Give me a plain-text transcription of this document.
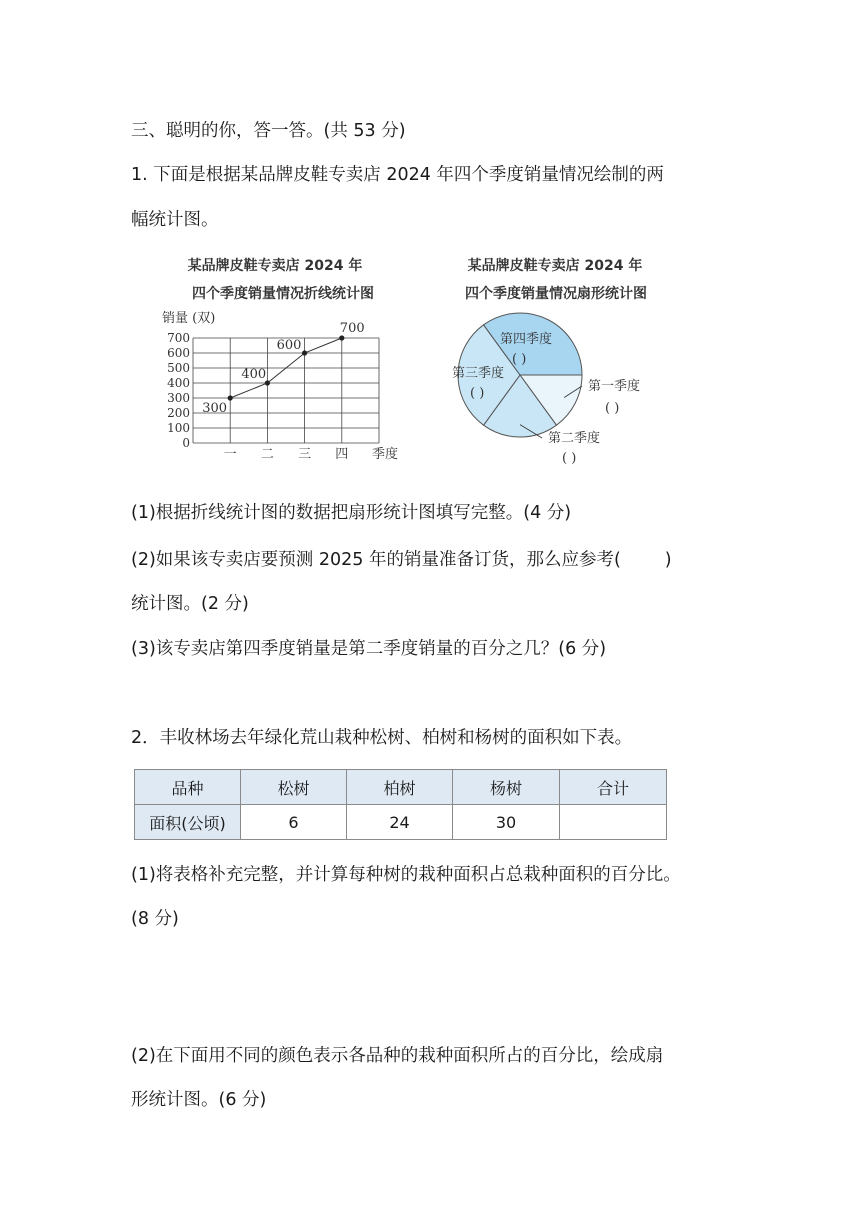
三、聪明的你，答一答。(共 53 分)
1. 下面是根据某品牌皮鞋专卖店 2024 年四个季度销量情况绘制的两
幅统计图。
某品牌皮鞋专卖店 2024 年
四个季度销量情况折线统计图
销量 (双)
季度
0
100
200
300
400
500
600
700
一 二 三 四
300
400
600
700
某品牌皮鞋专卖店 2024 年
四个季度销量情况扇形统计图
第一季度
( )
第二季度
( )
第三季度
( )
第四季度
( )
(1)根据折线统计图的数据把扇形统计图填写完整。(4 分)
(2)如果该专卖店要预测 2025 年的销量准备订货，那么应参考(	)
统计图。(2 分)
(3)该专卖店第四季度销量是第二季度销量的百分之几？(6 分)
2．丰收林场去年绿化荒山栽种松树、柏树和杨树的面积如下表。
品种	松树	柏树	杨树	合计
面积(公顷)	6	24	30	
(1)将表格补充完整，并计算每种树的栽种面积占总栽种面积的百分比。
(8 分)
(2)在下面用不同的颜色表示各品种的栽种面积所占的百分比，绘成扇
形统计图。(6 分)
